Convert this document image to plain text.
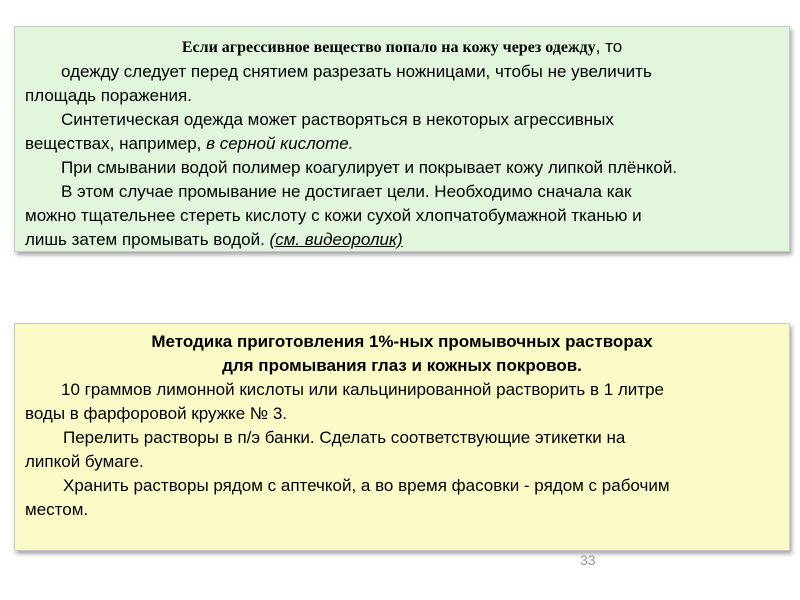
Если агрессивное вещество попало на кожу через одежду, то
одежду следует перед снятием разрезать ножницами, чтобы не увеличить
площадь поражения.
Синтетическая одежда может растворяться в некоторых агрессивных
веществах, например, в серной кислоте.
При смывании водой полимер коагулирует и покрывает кожу липкой плёнкой.
В этом случае промывание не достигает цели. Необходимо сначала как
можно тщательнее стереть кислоту с кожи сухой хлопчатобумажной тканью и
лишь затем промывать водой. (см. видеоролик)
Методика приготовления 1%-ных промывочных растворах
для промывания глаз и кожных покровов.
10 граммов лимонной кислоты или кальцинированной растворить в 1 литре
воды в фарфоровой кружке № 3.
Перелить растворы в п/э банки. Сделать соответствующие этикетки на
липкой бумаге.
Хранить растворы рядом с аптечкой, а во время фасовки - рядом с рабочим
местом.
33
